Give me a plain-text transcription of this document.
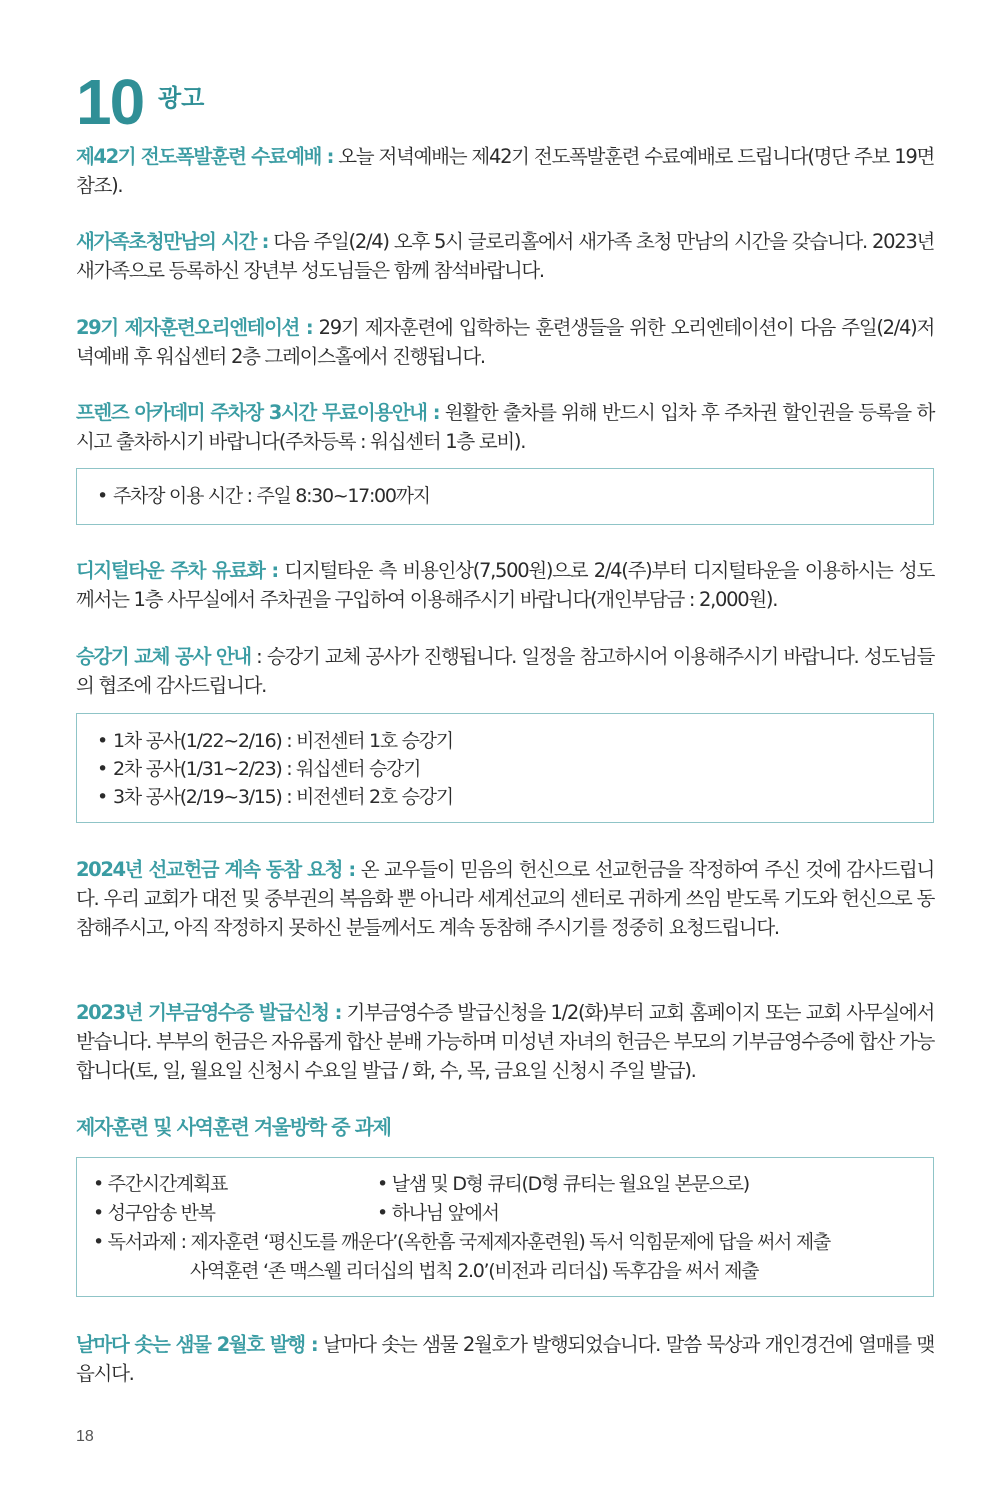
10 광고

제42기 전도폭발훈련 수료예배 : 오늘 저녁예배는 제42기 전도폭발훈련 수료예배로 드립니다(명단 주보 19면 참조).

새가족초청만남의 시간 : 다음 주일(2/4) 오후 5시 글로리홀에서 새가족 초청 만남의 시간을 갖습니다. 2023년 새가족으로 등록하신 장년부 성도님들은 함께 참석바랍니다.

29기 제자훈련오리엔테이션 : 29기 제자훈련에 입학하는 훈련생들을 위한 오리엔테이션이 다음 주일(2/4)저녁예배 후 워십센터 2층 그레이스홀에서 진행됩니다.

프렌즈 아카데미 주차장 3시간 무료이용안내 : 원활한 출차를 위해 반드시 입차 후 주차권 할인권을 등록을 하시고 출차하시기 바랍니다(주차등록 : 워십센터 1층 로비).

• 주차장 이용 시간 : 주일 8:30~17:00까지

디지털타운 주차 유료화 : 디지털타운 측 비용인상(7,500원)으로 2/4(주)부터 디지털타운을 이용하시는 성도께서는 1층 사무실에서 주차권을 구입하여 이용해주시기 바랍니다(개인부담금 : 2,000원).

승강기 교체 공사 안내 : 승강기 교체 공사가 진행됩니다. 일정을 참고하시어 이용해주시기 바랍니다. 성도님들의 협조에 감사드립니다.

• 1차 공사(1/22~2/16) : 비전센터 1호 승강기
• 2차 공사(1/31~2/23) : 워십센터 승강기
• 3차 공사(2/19~3/15) : 비전센터 2호 승강기

2024년 선교헌금 계속 동참 요청 : 온 교우들이 믿음의 헌신으로 선교헌금을 작정하여 주신 것에 감사드립니다. 우리 교회가 대전 및 중부권의 복음화 뿐 아니라 세계선교의 센터로 귀하게 쓰임 받도록 기도와 헌신으로 동참해주시고, 아직 작정하지 못하신 분들께서도 계속 동참해 주시기를 정중히 요청드립니다.

2023년 기부금영수증 발급신청 : 기부금영수증 발급신청을 1/2(화)부터 교회 홈페이지 또는 교회 사무실에서 받습니다. 부부의 헌금은 자유롭게 합산 분배 가능하며 미성년 자녀의 헌금은 부모의 기부금영수증에 합산 가능합니다(토, 일, 월요일 신청시 수요일 발급 / 화, 수, 목, 금요일 신청시 주일 발급).

제자훈련 및 사역훈련 겨울방학 중 과제
• 주간시간계획표	• 날샘 및 D형 큐티(D형 큐티는 월요일 본문으로)
• 성구암송 반복	• 하나님 앞에서
• 독서과제 : 제자훈련 ‘평신도를 깨운다’(옥한흠 국제제자훈련원) 독서 익힘문제에 답을 써서 제출
사역훈련 ‘존 맥스웰 리더십의 법칙 2.0’(비전과 리더십) 독후감을 써서 제출

날마다 솟는 샘물 2월호 발행 : 날마다 솟는 샘물 2월호가 발행되었습니다. 말씀 묵상과 개인경건에 열매를 맺읍시다.

18
